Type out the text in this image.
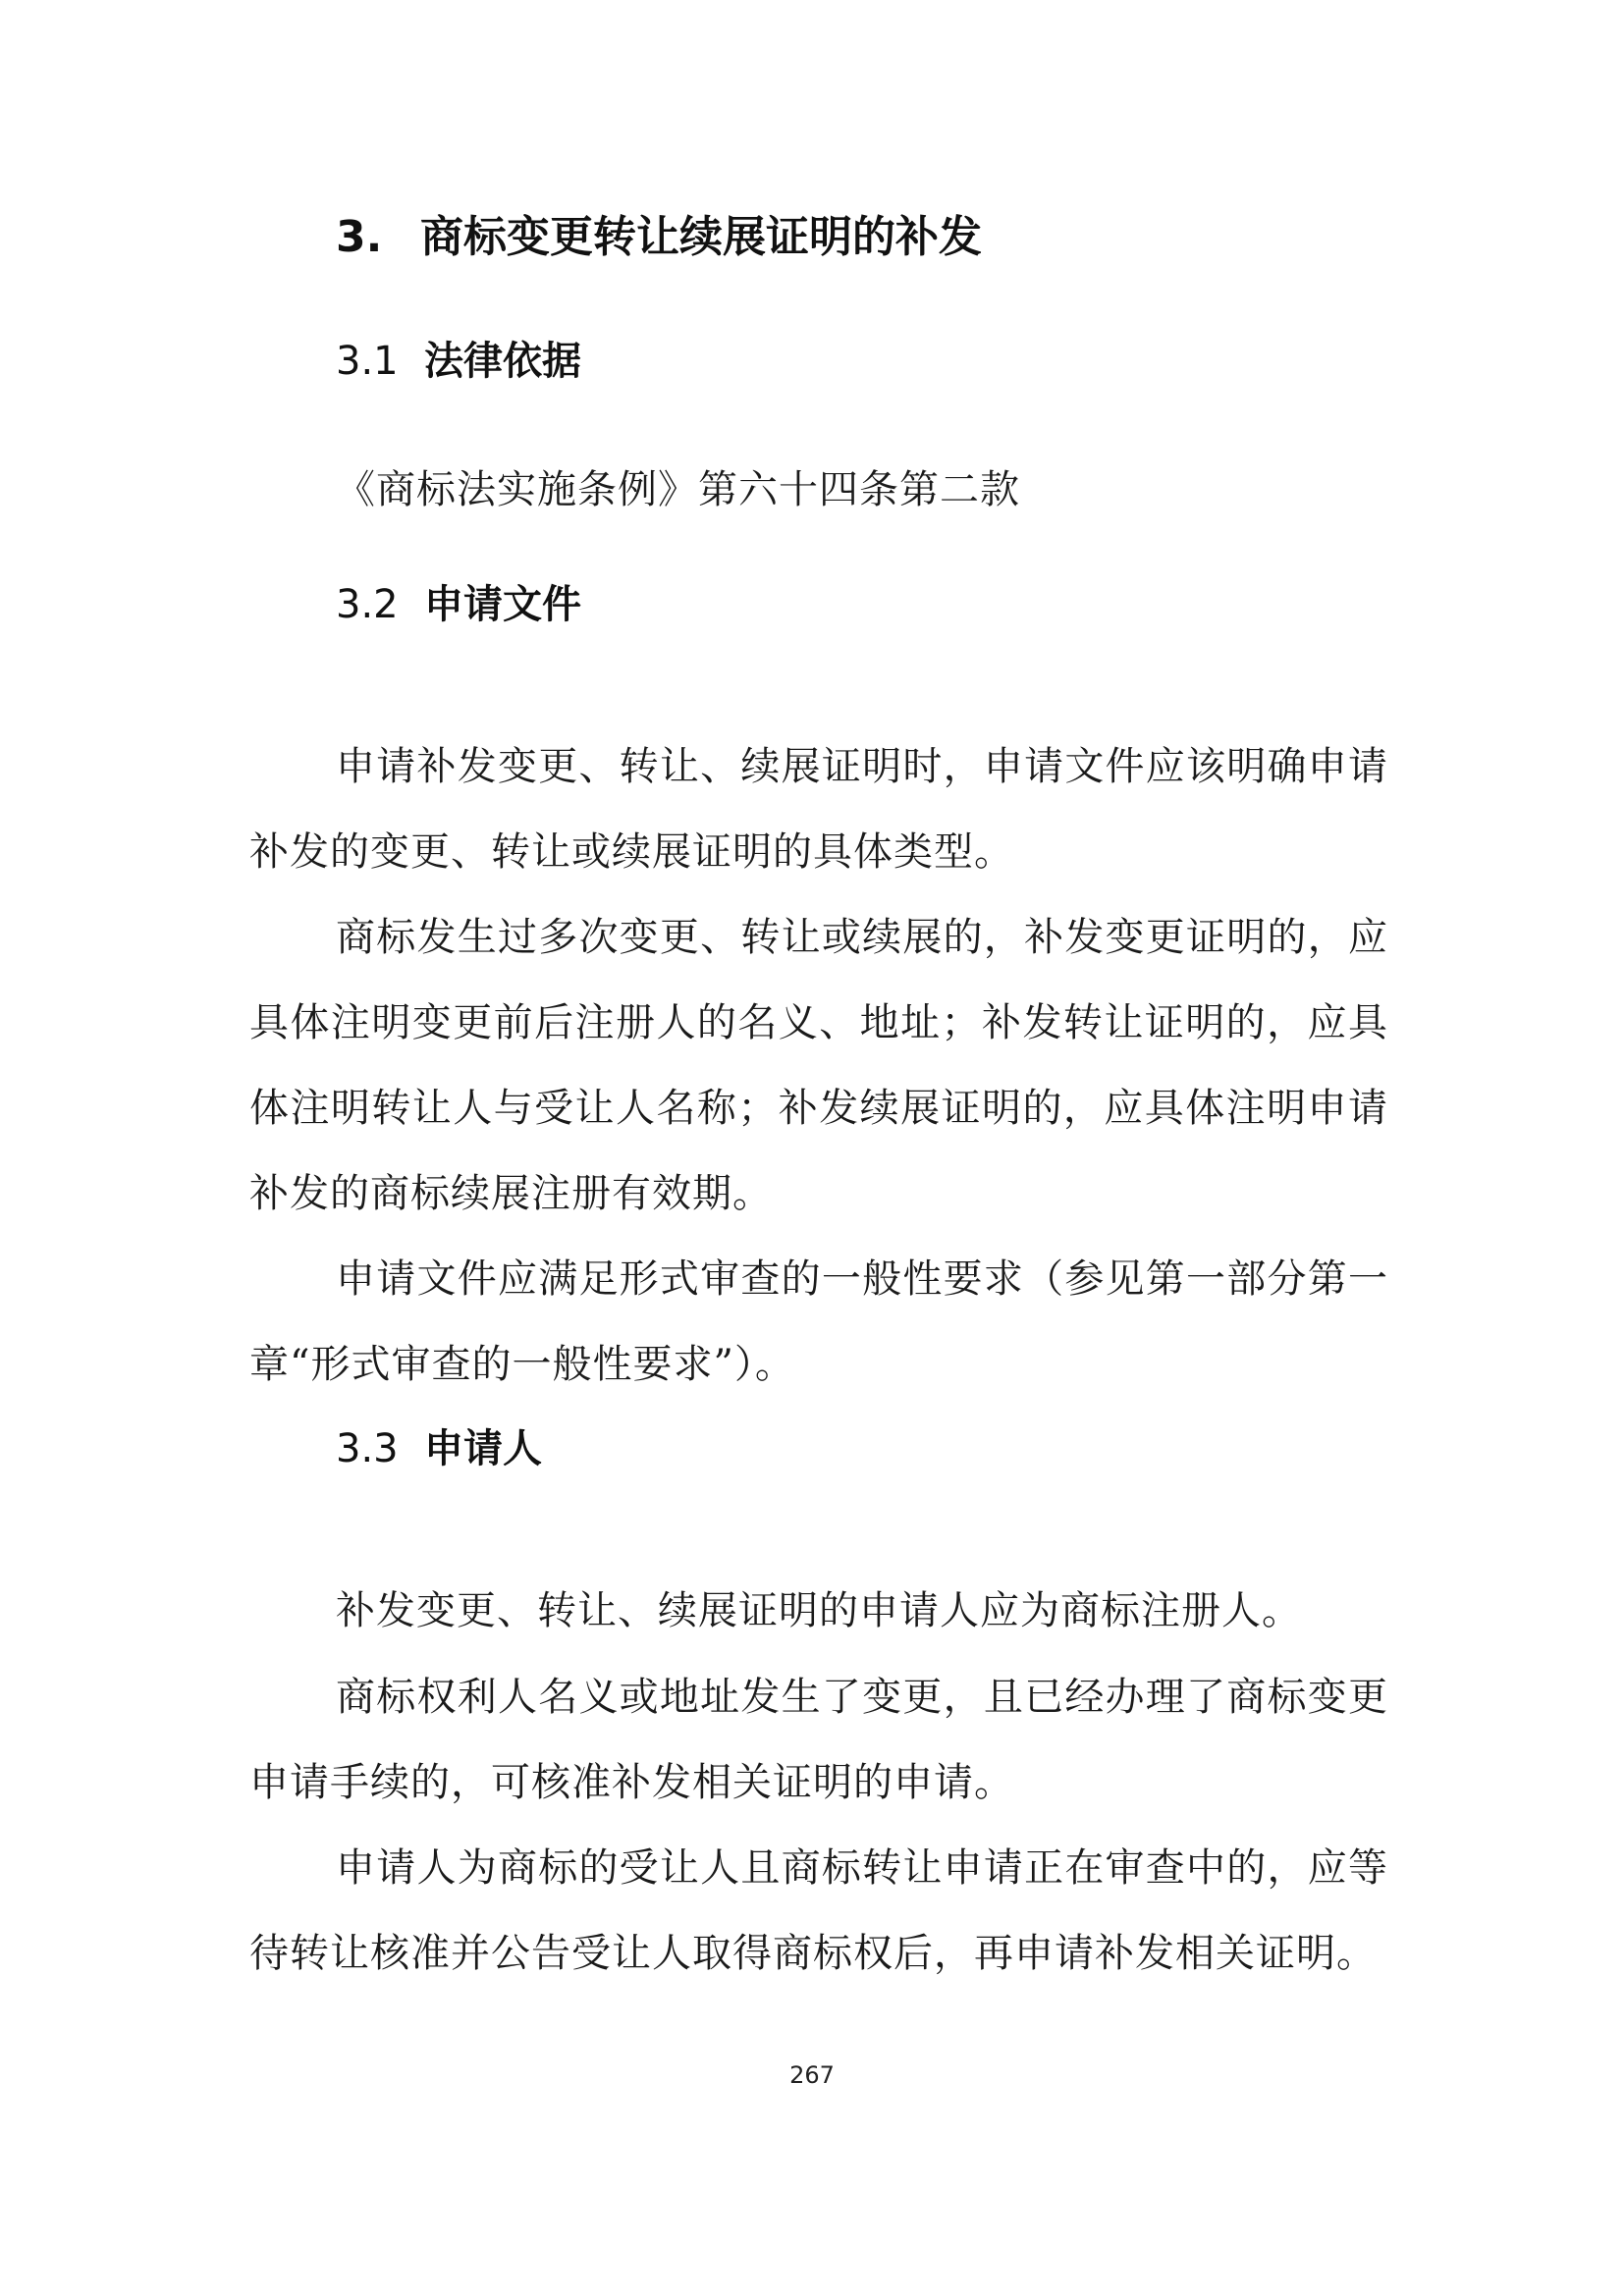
3. 商标变更转让续展证明的补发
3.1 法律依据
《商标法实施条例》第六十四条第二款
3.2 申请文件

申请补发变更、转让、续展证明时，申请文件应该明确申请补发的变更、转让或续展证明的具体类型。

商标发生过多次变更、转让或续展的，补发变更证明的，应具体注明变更前后注册人的名义、地址；补发转让证明的，应具体注明转让人与受让人名称；补发续展证明的，应具体注明申请补发的商标续展注册有效期。

申请文件应满足形式审查的一般性要求（参见第一部分第一章“形式审查的一般性要求”）。

3.3 申请人

补发变更、转让、续展证明的申请人应为商标注册人。

商标权利人名义或地址发生了变更，且已经办理了商标变更申请手续的，可核准补发相关证明的申请。

申请人为商标的受让人且商标转让申请正在审查中的，应等待转让核准并公告受让人取得商标权后，再申请补发相关证明。

267
